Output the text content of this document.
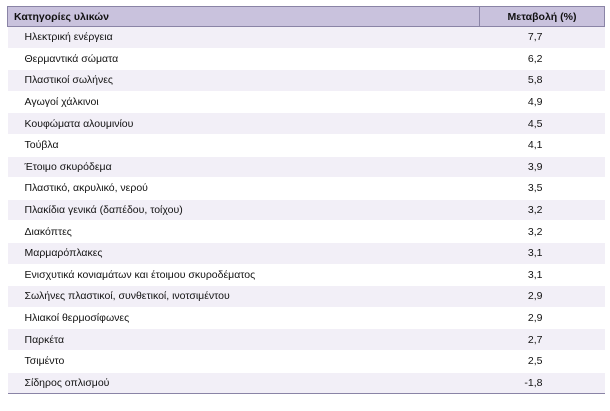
Κατηγορίες υλικών	Μεταβολή (%)
Ηλεκτρική ενέργεια	7,7
Θερμαντικά σώματα	6,2
Πλαστικοί σωλήνες	5,8
Αγωγοί χάλκινοι	4,9
Κουφώματα αλουμινίου	4,5
Τούβλα	4,1
Έτοιμο σκυρόδεμα	3,9
Πλαστικό, ακρυλικό, νερού	3,5
Πλακίδια γενικά (δαπέδου, τοίχου)	3,2
Διακόπτες	3,2
Μαρμαρόπλακες	3,1
Ενισχυτικά κονιαμάτων και έτοιμου σκυροδέματος	3,1
Σωλήνες πλαστικοί, συνθετικοί, ινοτσιμέντου	2,9
Ηλιακοί θερμοσίφωνες	2,9
Παρκέτα	2,7
Τσιμέντο	2,5
Σίδηρος οπλισμού	-1,8
